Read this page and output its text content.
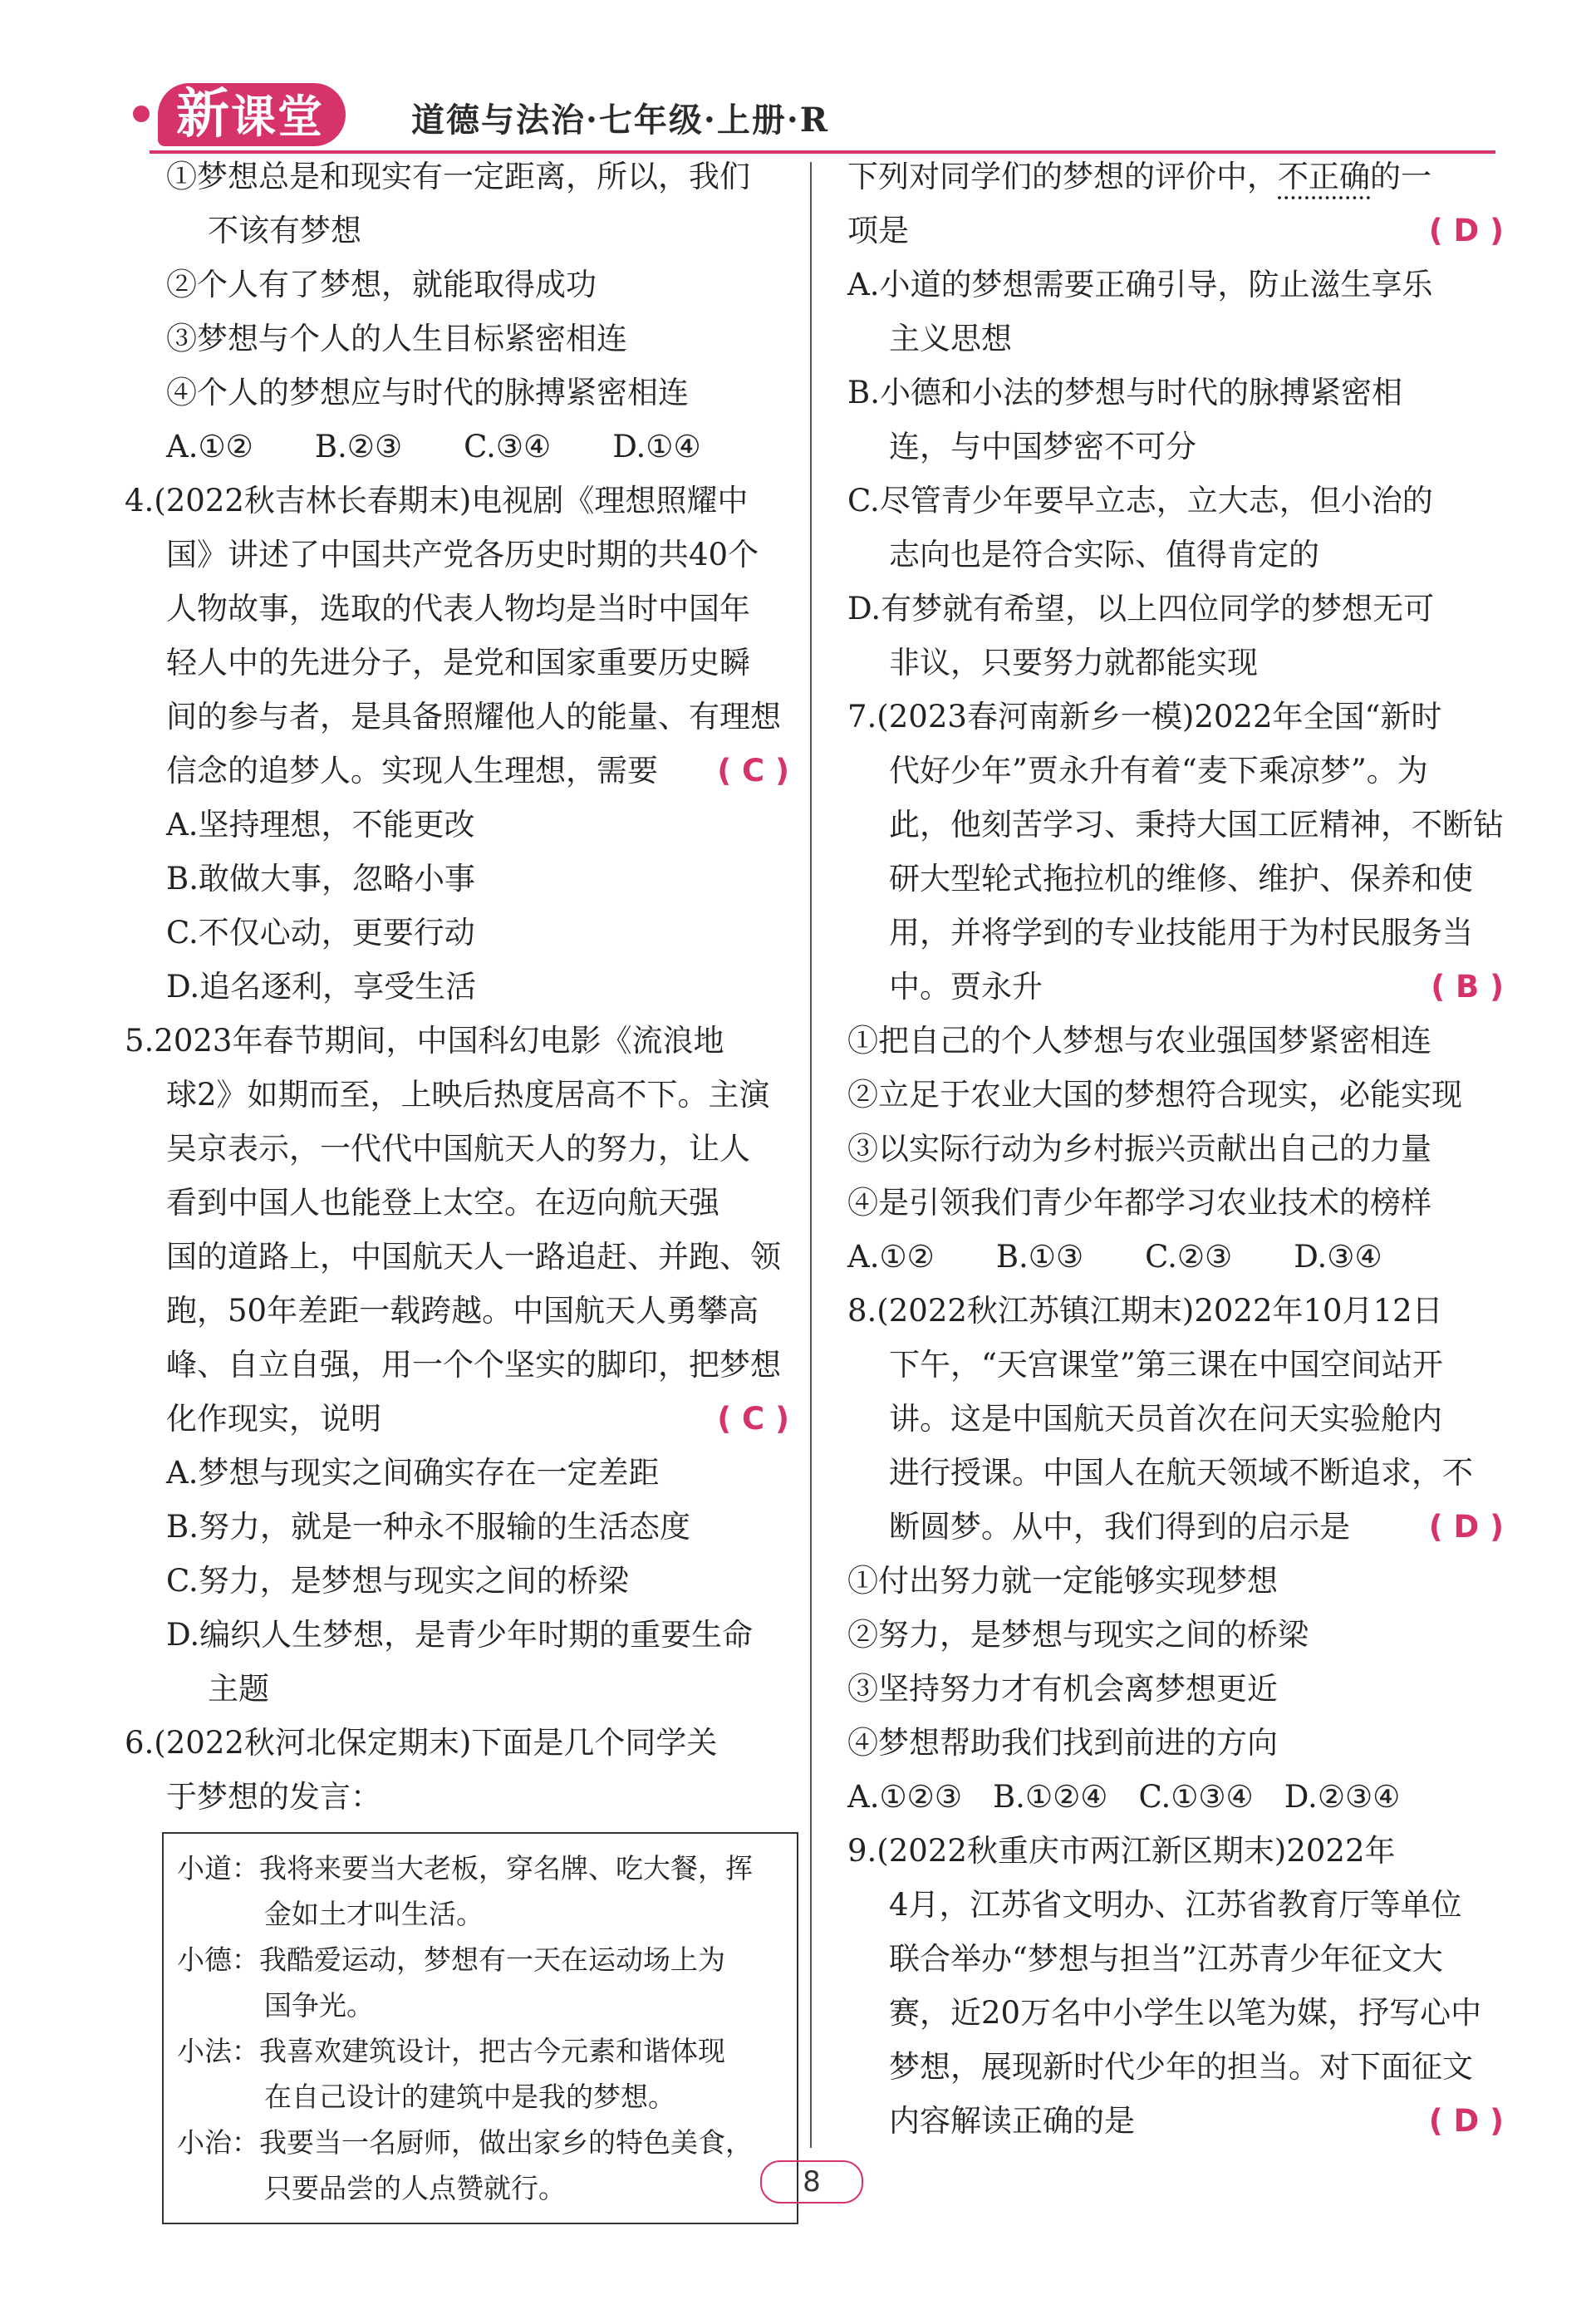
新课堂	道德与法治·七年级·上册·R

①梦想总是和现实有一定距离，所以，我们

不该有梦想

②个人有了梦想，就能取得成功

③梦想与个人的人生目标紧密相连

④个人的梦想应与时代的脉搏紧密相连

A.①②　　B.②③　　C.③④　　D.①④

4.(2022秋吉林长春期末)电视剧《理想照耀中

国》讲述了中国共产党各历史时期的共40个

人物故事，选取的代表人物均是当时中国年

轻人中的先进分子，是党和国家重要历史瞬

间的参与者，是具备照耀他人的能量、有理想

信念的追梦人。实现人生理想，需要 ( C )

A.坚持理想，不能更改

B.敢做大事，忽略小事

C.不仅心动，更要行动

D.追名逐利，享受生活

5.2023年春节期间，中国科幻电影《流浪地

球2》如期而至，上映后热度居高不下。主演

吴京表示，一代代中国航天人的努力，让人

看到中国人也能登上太空。在迈向航天强

国的道路上，中国航天人一路追赶、并跑、领

跑，50年差距一载跨越。中国航天人勇攀高

峰、自立自强，用一个个坚实的脚印，把梦想

化作现实，说明	( C )

A.梦想与现实之间确实存在一定差距

B.努力，就是一种永不服输的生活态度

C.努力，是梦想与现实之间的桥梁

D.编织人生梦想，是青少年时期的重要生命

主题

6.(2022秋河北保定期末)下面是几个同学关

于梦想的发言：

小道：我将来要当大老板，穿名牌、吃大餐，挥

金如土才叫生活。

小德：我酷爱运动，梦想有一天在运动场上为

国争光。

小法：我喜欢建筑设计，把古今元素和谐体现

在自己设计的建筑中是我的梦想。

小治：我要当一名厨师，做出家乡的特色美食，

只要品尝的人点赞就行。

下列对同学们的梦想的评价中，不正确的一

项是	( D )

A.小道的梦想需要正确引导，防止滋生享乐

主义思想

B.小德和小法的梦想与时代的脉搏紧密相

连，与中国梦密不可分

C.尽管青少年要早立志，立大志，但小治的

志向也是符合实际、值得肯定的

D.有梦就有希望，以上四位同学的梦想无可

非议，只要努力就都能实现

7.(2023春河南新乡一模)2022年全国“新时

代好少年”贾永升有着“麦下乘凉梦”。为

此，他刻苦学习、秉持大国工匠精神，不断钻

研大型轮式拖拉机的维修、维护、保养和使

用，并将学到的专业技能用于为村民服务当

中。贾永升	( B )

①把自己的个人梦想与农业强国梦紧密相连

②立足于农业大国的梦想符合现实，必能实现

③以实际行动为乡村振兴贡献出自己的力量

④是引领我们青少年都学习农业技术的榜样

A.①②　　B.①③　　C.②③　　D.③④

8.(2022秋江苏镇江期末)2022年10月12日

下午，“天宫课堂”第三课在中国空间站开

讲。这是中国航天员首次在问天实验舱内

进行授课。中国人在航天领域不断追求，不

断圆梦。从中，我们得到的启示是	( D )

①付出努力就一定能够实现梦想

②努力，是梦想与现实之间的桥梁

③坚持努力才有机会离梦想更近

④梦想帮助我们找到前进的方向

A.①②③　B.①②④　C.①③④　D.②③④

9.(2022秋重庆市两江新区期末)2022年

4月，江苏省文明办、江苏省教育厅等单位

联合举办“梦想与担当”江苏青少年征文大

赛，近20万名中小学生以笔为媒，抒写心中

梦想，展现新时代少年的担当。对下面征文

内容解读正确的是	( D )

8
